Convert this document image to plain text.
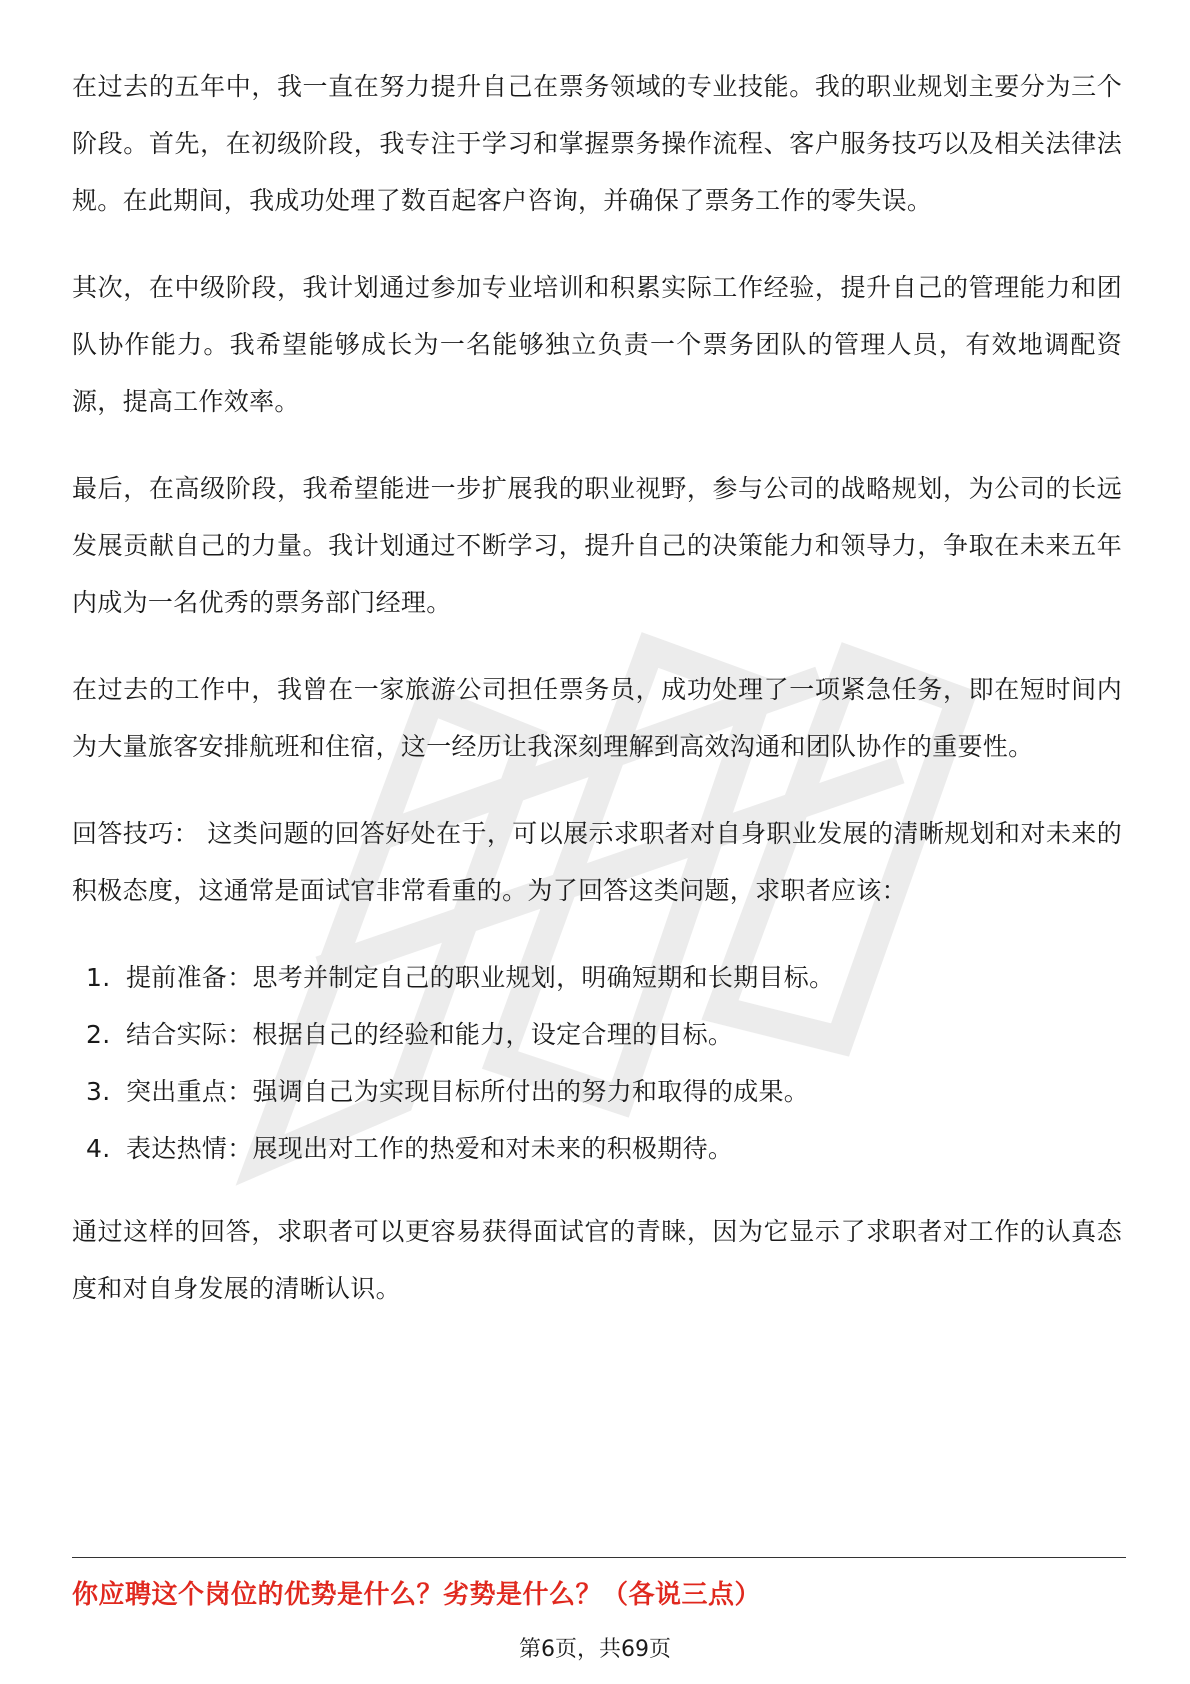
在过去的五年中，我一直在努力提升自己在票务领域的专业技能。我的职业规划主要分为三个阶段。首先，在初级阶段，我专注于学习和掌握票务操作流程、客户服务技巧以及相关法律法规。在此期间，我成功处理了数百起客户咨询，并确保了票务工作的零失误。

其次，在中级阶段，我计划通过参加专业培训和积累实际工作经验，提升自己的管理能力和团队协作能力。我希望能够成长为一名能够独立负责一个票务团队的管理人员，有效地调配资源，提高工作效率。

最后，在高级阶段，我希望能进一步扩展我的职业视野，参与公司的战略规划，为公司的长远发展贡献自己的力量。我计划通过不断学习，提升自己的决策能力和领导力，争取在未来五年内成为一名优秀的票务部门经理。

在过去的工作中，我曾在一家旅游公司担任票务员，成功处理了一项紧急任务，即在短时间内为大量旅客安排航班和住宿，这一经历让我深刻理解到高效沟通和团队协作的重要性。

回答技巧： 这类问题的回答好处在于，可以展示求职者对自身职业发展的清晰规划和对未来的积极态度，这通常是面试官非常看重的。为了回答这类问题，求职者应该：

1. 提前准备：思考并制定自己的职业规划，明确短期和长期目标。
2. 结合实际：根据自己的经验和能力，设定合理的目标。
3. 突出重点：强调自己为实现目标所付出的努力和取得的成果。
4. 表达热情：展现出对工作的热爱和对未来的积极期待。

通过这样的回答，求职者可以更容易获得面试官的青睐，因为它显示了求职者对工作的认真态度和对自身发展的清晰认识。

你应聘这个岗位的优势是什么？劣势是什么？（各说三点）
第6页，共69页
